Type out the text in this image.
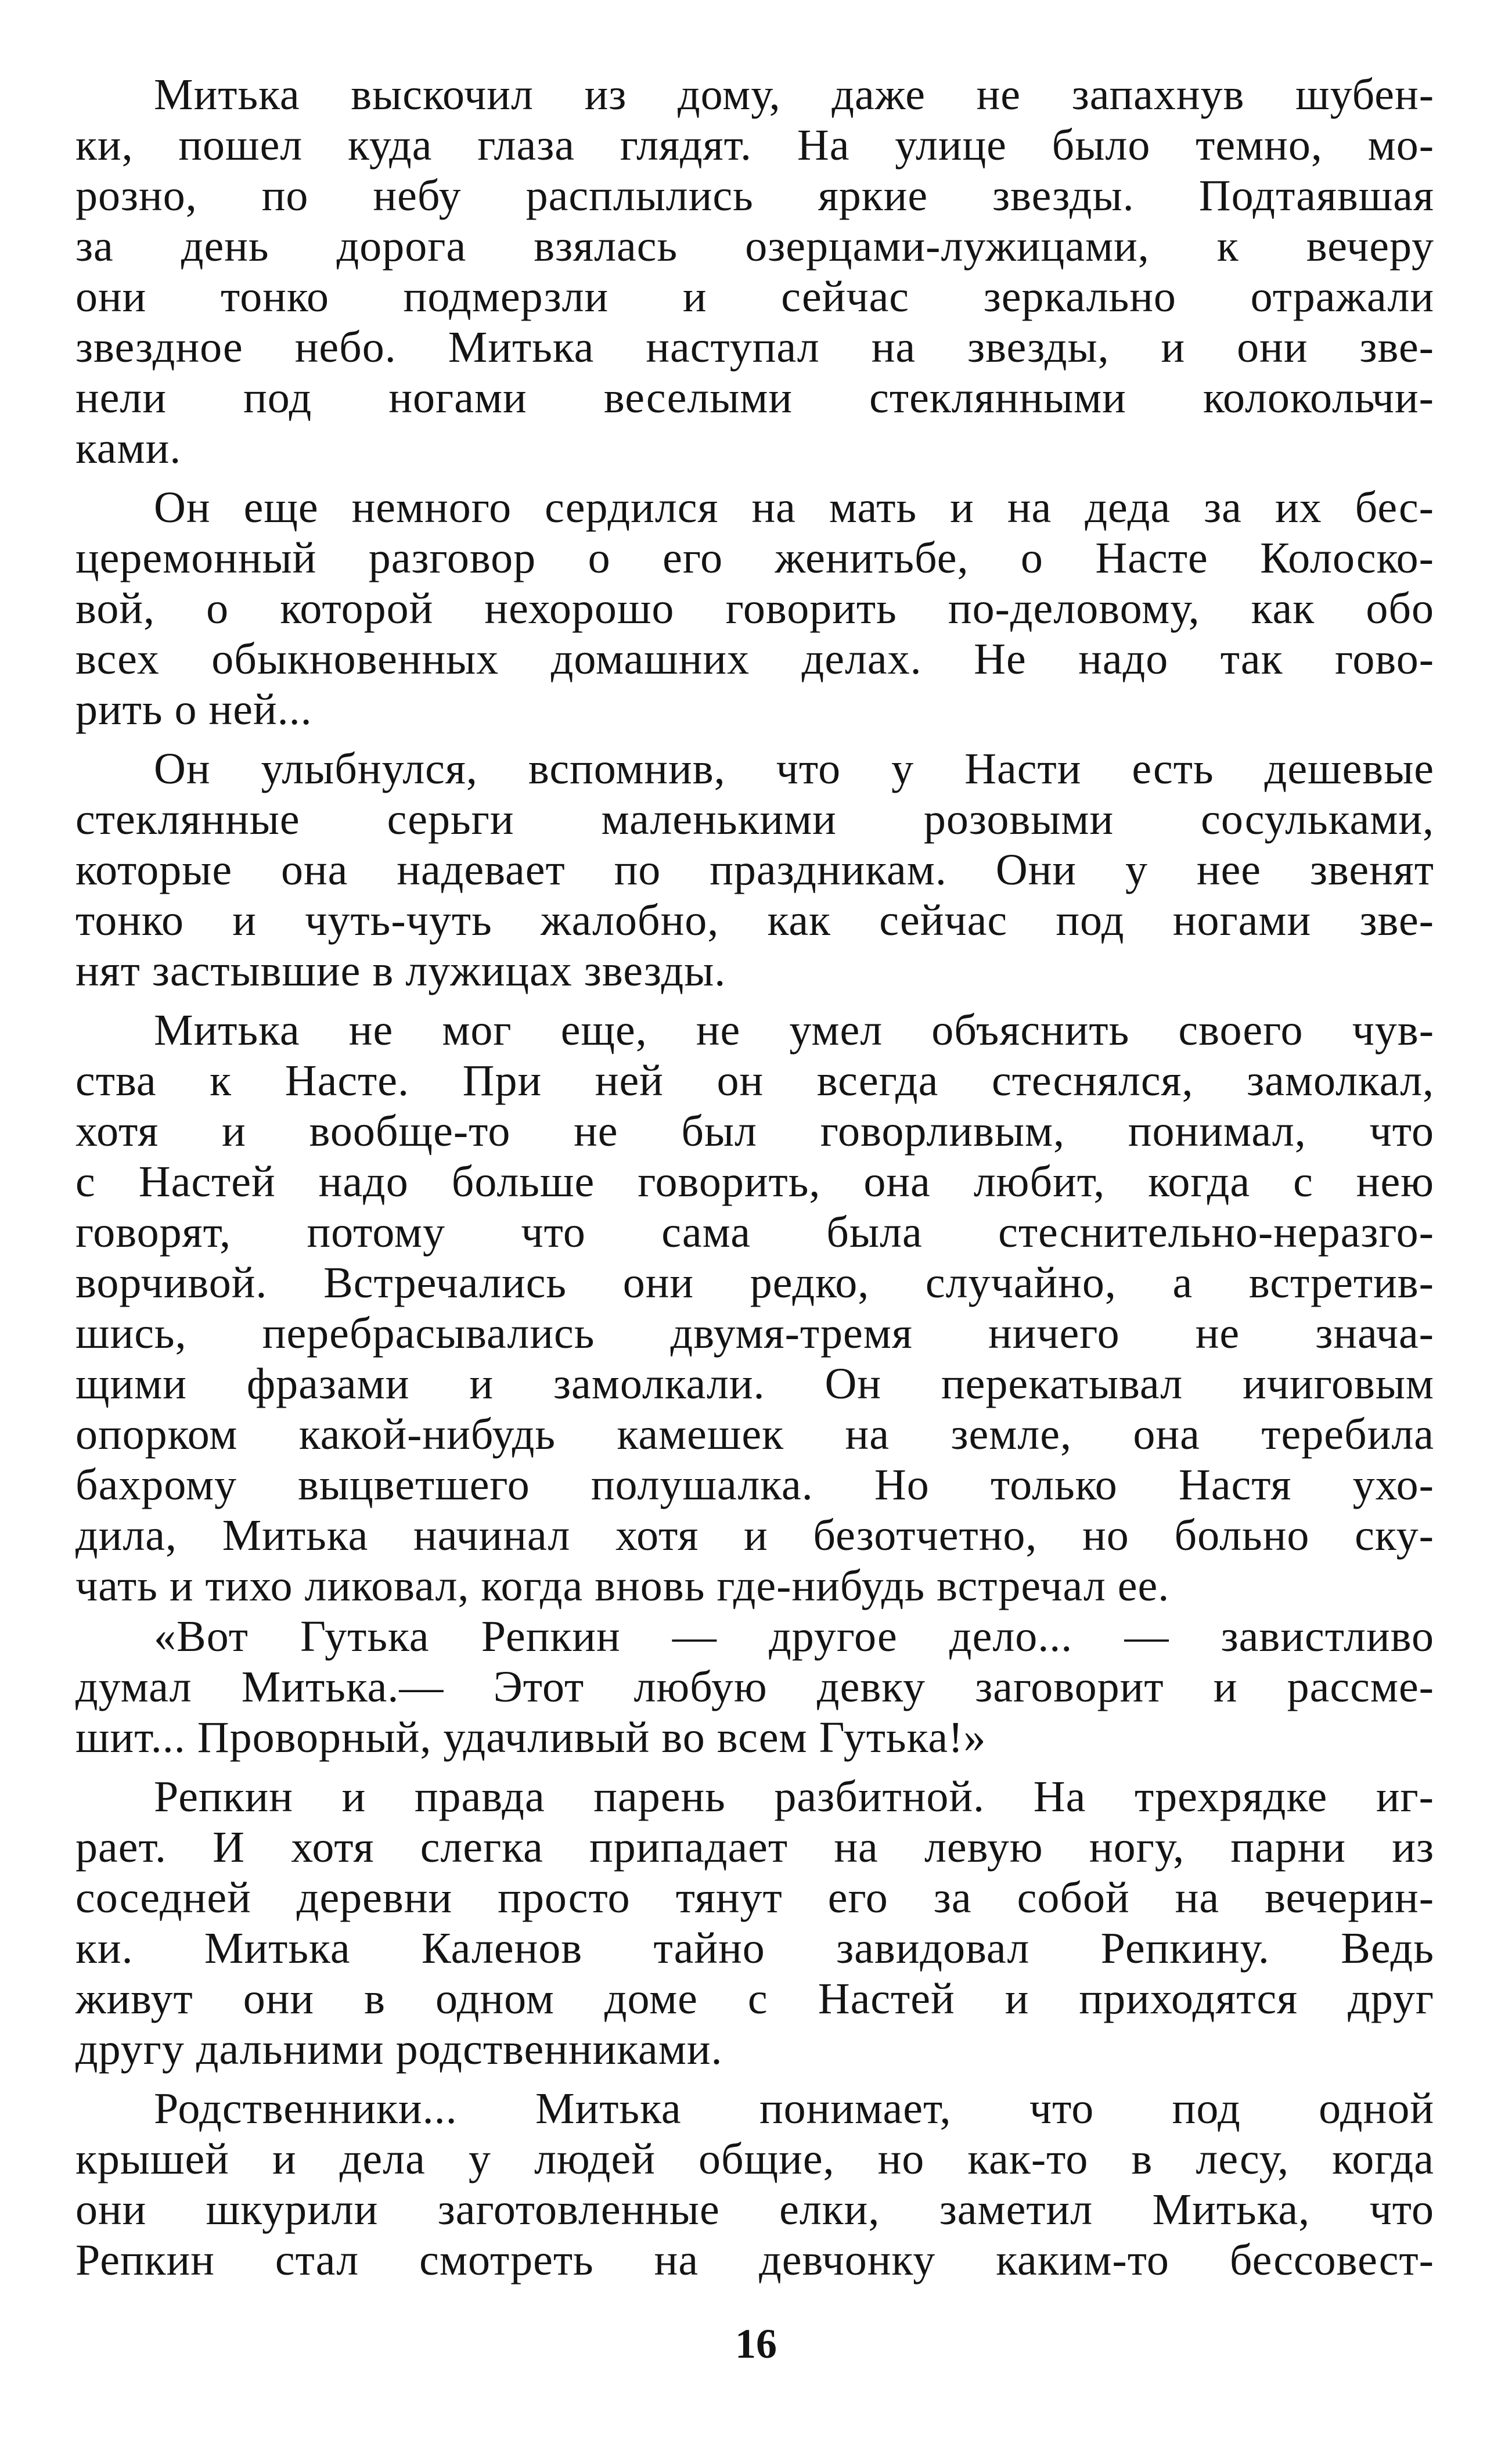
Митька выскочил из дому, даже не запахнув шубен-
ки, пошел куда глаза глядят. На улице было темно, мо-
розно, по небу расплылись яркие звезды. Подтаявшая
за день дорога взялась озерцами-лужицами, к вечеру
они тонко подмерзли и сейчас зеркально отражали
звездное небо. Митька наступал на звезды, и они зве-
нели под ногами веселыми стеклянными колокольчи-
ками.
Он еще немного сердился на мать и на деда за их бес-
церемонный разговор о его женитьбе, о Насте Колоско-
вой, о которой нехорошо говорить по-деловому, как обо
всех обыкновенных домашних делах. Не надо так гово-
рить о ней...
Он улыбнулся, вспомнив, что у Насти есть дешевые
стеклянные серьги маленькими розовыми сосульками,
которые она надевает по праздникам. Они у нее звенят
тонко и чуть-чуть жалобно, как сейчас под ногами зве-
нят застывшие в лужицах звезды.
Митька не мог еще, не умел объяснить своего чув-
ства к Насте. При ней он всегда стеснялся, замолкал,
хотя и вообще-то не был говорливым, понимал, что
с Настей надо больше говорить, она любит, когда с нею
говорят, потому что сама была стеснительно-неразго-
ворчивой. Встречались они редко, случайно, а встретив-
шись, перебрасывались двумя-тремя ничего не знача-
щими фразами и замолкали. Он перекатывал ичиговым
опорком какой-нибудь камешек на земле, она теребила
бахрому выцветшего полушалка. Но только Настя ухо-
дила, Митька начинал хотя и безотчетно, но больно ску-
чать и тихо ликовал, когда вновь где-нибудь встречал ее.
«Вот Гутька Репкин — другое дело... — завистливо
думал Митька.— Этот любую девку заговорит и рассме-
шит... Проворный, удачливый во всем Гутька!»
Репкин и правда парень разбитной. На трехрядке иг-
рает. И хотя слегка припадает на левую ногу, парни из
соседней деревни просто тянут его за собой на вечерин-
ки. Митька Каленов тайно завидовал Репкину. Ведь
живут они в одном доме с Настей и приходятся друг
другу дальними родственниками.
Родственники... Митька понимает, что под одной
крышей и дела у людей общие, но как-то в лесу, когда
они шкурили заготовленные елки, заметил Митька, что
Репкин стал смотреть на девчонку каким-то бессовест-
16
